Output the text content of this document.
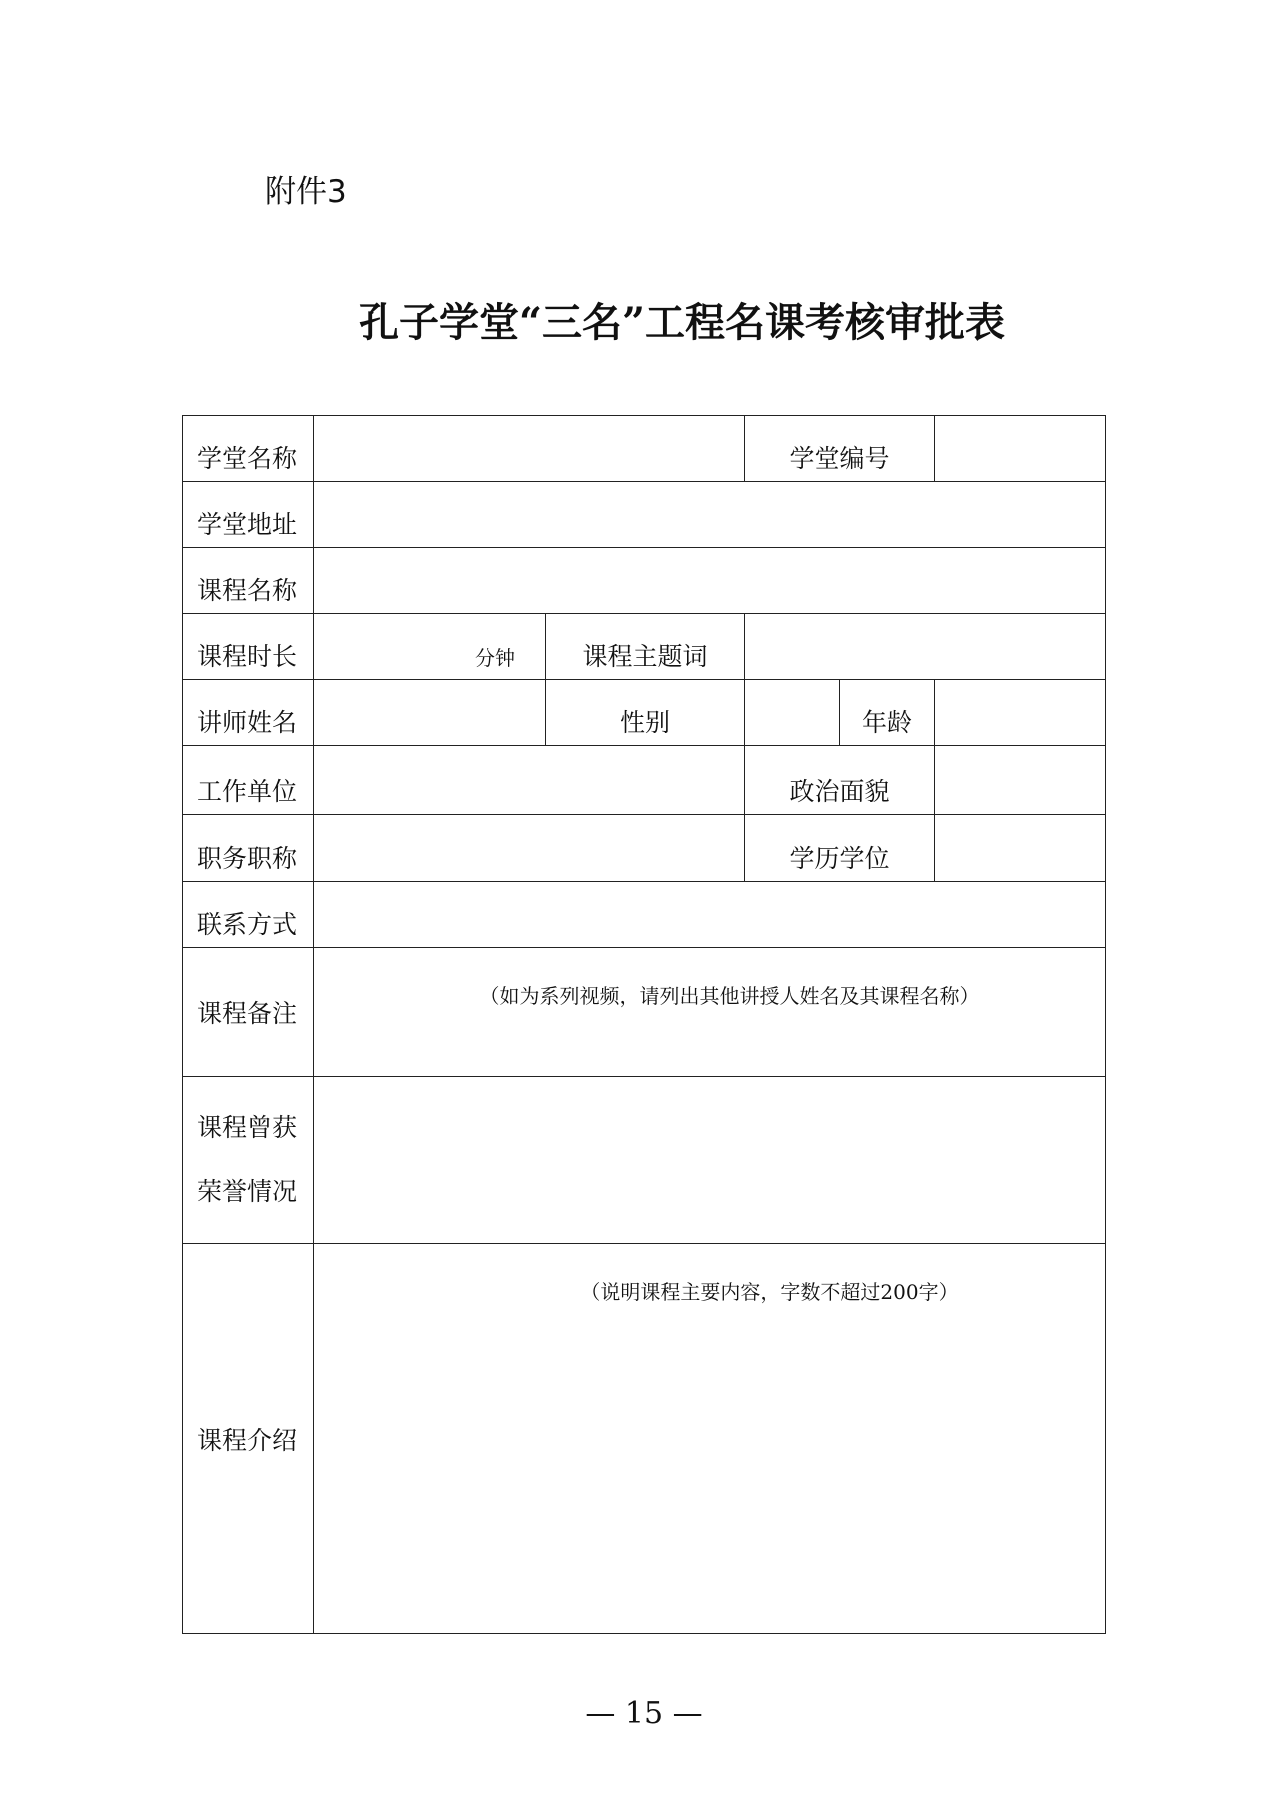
附件3
孔子学堂“三名”工程名课考核审批表
学堂名称			学堂编号		
学堂地址					
课程名称					
课程时长	分钟	课程主题词			
讲师姓名		性别		年龄	
工作单位			政治面貌		
职务职称			学历学位		
联系方式					
课程备注	（如为系列视频，请列出其他讲授人姓名及其课程名称）				

课程曾获
荣誉情况					

课程介绍	（说明课程主要内容，字数不超过200字）				
— 15 —
